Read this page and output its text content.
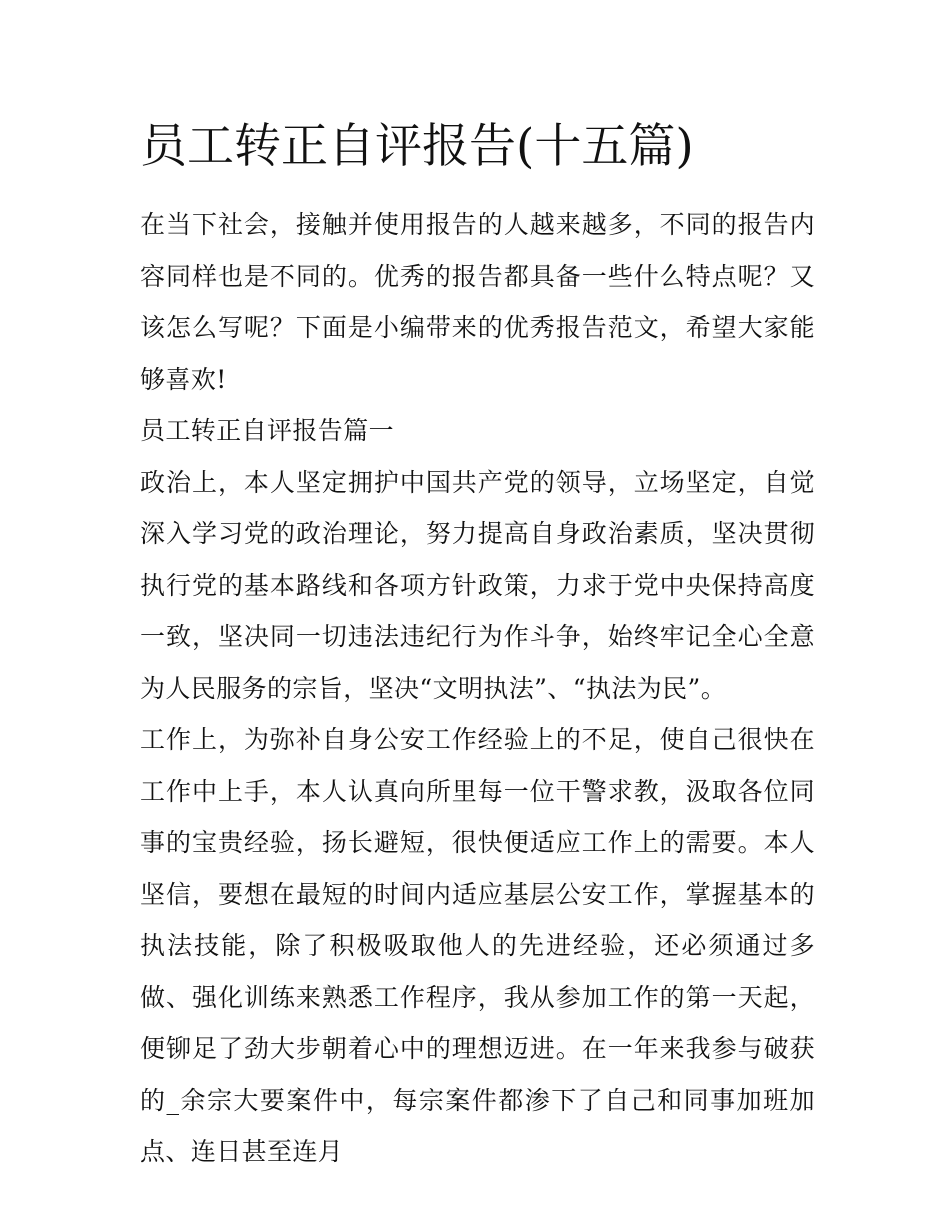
员工转正自评报告(十五篇)

在当下社会，接触并使用报告的人越来越多，不同的报告内容同样也是不同的。优秀的报告都具备一些什么特点呢？又该怎么写呢？下面是小编带来的优秀报告范文，希望大家能够喜欢!

员工转正自评报告篇一

政治上，本人坚定拥护中国共产党的领导，立场坚定，自觉深入学习党的政治理论，努力提高自身政治素质，坚决贯彻执行党的基本路线和各项方针政策，力求于党中央保持高度一致，坚决同一切违法违纪行为作斗争，始终牢记全心全意为人民服务的宗旨，坚决“文明执法”、“执法为民”。

工作上，为弥补自身公安工作经验上的不足，使自己很快在工作中上手，本人认真向所里每一位干警求教，汲取各位同事的宝贵经验，扬长避短，很快便适应工作上的需要。本人坚信，要想在最短的时间内适应基层公安工作，掌握基本的执法技能，除了积极吸取他人的先进经验，还必须通过多做、强化训练来熟悉工作程序，我从参加工作的第一天起，便铆足了劲大步朝着心中的理想迈进。在一年来我参与破获的_余宗大要案件中，每宗案件都渗下了自己和同事加班加点、连日甚至连月
